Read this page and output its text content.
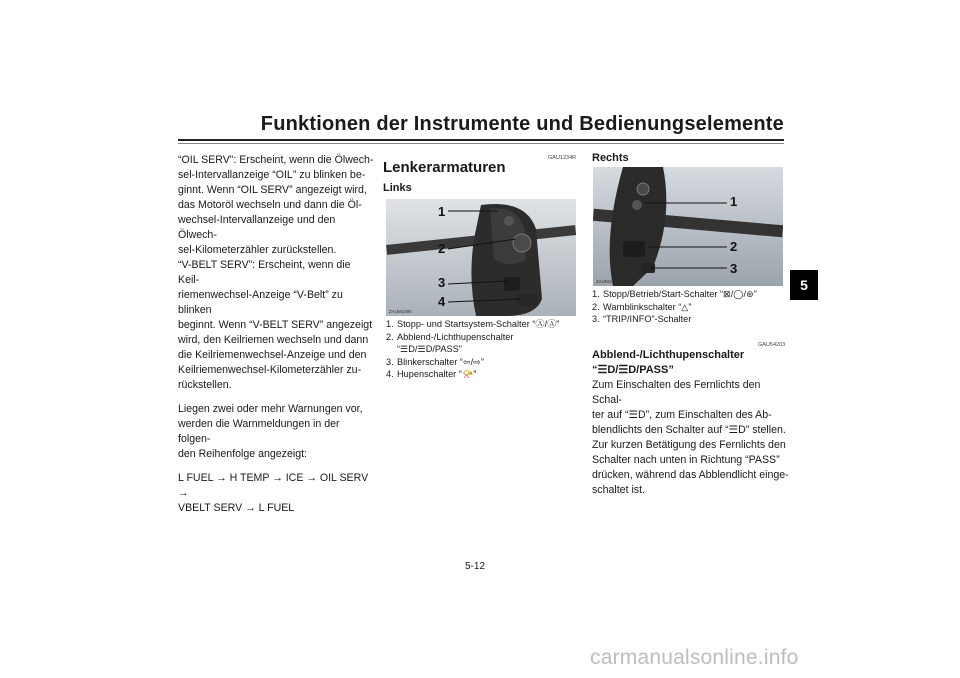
Funktionen der Instrumente und Bedienungselemente
5

“OIL SERV”: Erscheint, wenn die Ölwech-
sel-Intervallanzeige “OIL” zu blinken be-
ginnt. Wenn “OIL SERV” angezeigt wird,
das Motoröl wechseln und dann die Öl-
wechsel-Intervallanzeige und den Ölwech-
sel-Kilometerzähler zurückstellen.
“V-BELT SERV”: Erscheint, wenn die Keil-
riemenwechsel-Anzeige “V-Belt” zu blinken
beginnt. Wenn “V-BELT SERV” angezeigt
wird, den Keilriemen wechseln und dann
die Keilriemenwechsel-Anzeige und den
Keilriemenwechsel-Kilometerzähler zu-
rückstellen.

Liegen zwei oder mehr Warnungen vor,
werden die Warnmeldungen in der folgen-
den Reihenfolge angezeigt:

L FUEL → H TEMP → ICE → OIL SERV →
VBELT SERV → L FUEL

GAU1234R
Lenkerarmaturen
Links
1
2
3
4
ZAUM1090
1. Stopp- und Startsystem-Schalter “Ⓐ/Ⓐ”
2. Abblend-/Lichthupenschalter
“☰D/☰D/PASS”
3. Blinkerschalter “⇦/⇨”
4. Hupenschalter “📯”
Rechts
1
2
3
ZAUM1081
1. Stopp/Betrieb/Start-Schalter “⊠/◯/⊛”
2. Warnblinkschalter “△”
3. “TRIP/INFO”-Schalter
GAU54203
Abblend-/Lichthupenschalter
“☰D/☰D/PASS”
Zum Einschalten des Fernlichts den Schal-
ter auf “☰D”, zum Einschalten des Ab-
blendlichts den Schalter auf “☰D” stellen.
Zur kurzen Betätigung des Fernlichts den
Schalter nach unten in Richtung “PASS”
drücken, während das Abblendlicht einge-
schaltet ist.
5-12
carmanualsonline.info
